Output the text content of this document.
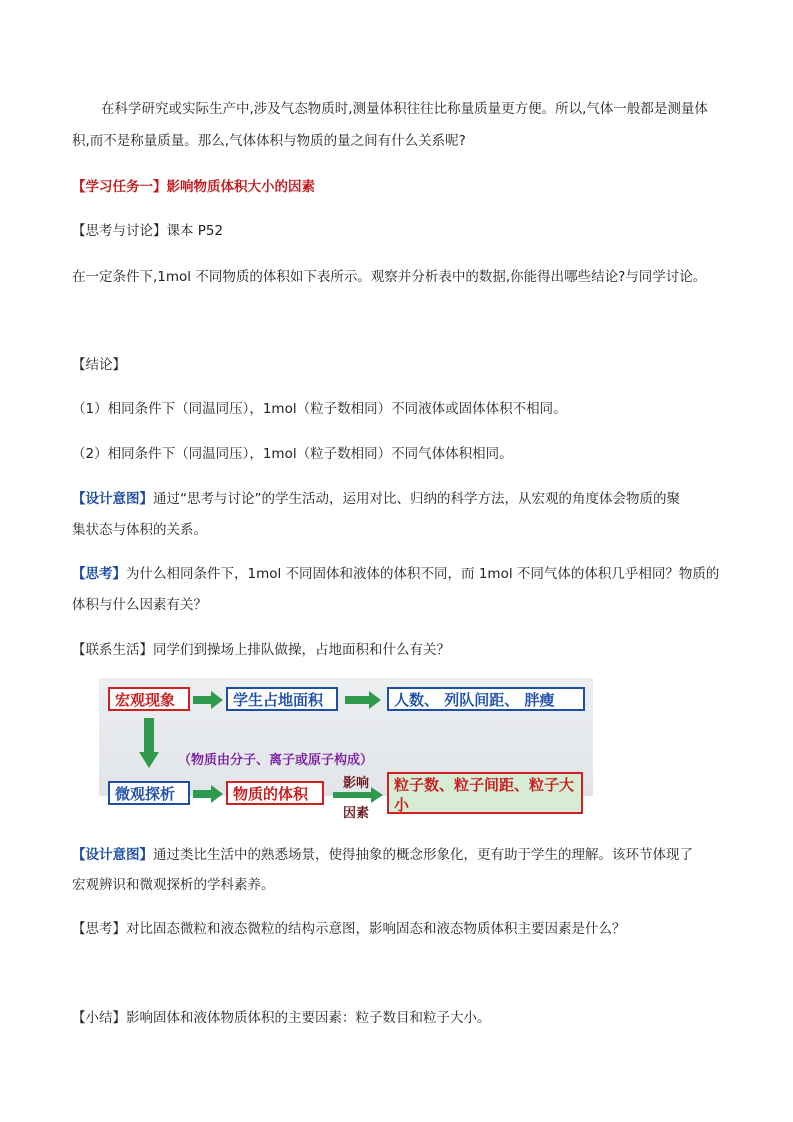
在科学研究或实际生产中,涉及气态物质时,测量体积往往比称量质量更方便。所以,气体一般都是测量体

积,而不是称量质量。那么,气体体积与物质的量之间有什么关系呢?

【学习任务一】影响物质体积大小的因素

【思考与讨论】课本 P52

在一定条件下,1mol 不同物质的体积如下表所示。观察并分析表中的数据,你能得出哪些结论?与同学讨论。

【结论】

（1）相同条件下（同温同压），1mol（粒子数相同）不同液体或固体体积不相同。

（2）相同条件下（同温同压），1mol（粒子数相同）不同气体体积相同。

【设计意图】通过“思考与讨论”的学生活动，运用对比、归纳的科学方法，从宏观的角度体会物质的聚

集状态与体积的关系。

【思考】为什么相同条件下，1mol 不同固体和液体的体积不同，而 1mol 不同气体的体积几乎相同？物质的

体积与什么因素有关？

【联系生活】同学们到操场上排队做操，占地面积和什么有关？

宏观现象	学生占地面积	人数、 列队间距、 胖瘦
（物质由分子、离子或原子构成）
微观探析	物质的体积
影响
因素
粒子数、粒子间距、粒子大小

【设计意图】通过类比生活中的熟悉场景，使得抽象的概念形象化，更有助于学生的理解。该环节体现了

宏观辨识和微观探析的学科素养。

【思考】对比固态微粒和液态微粒的结构示意图，影响固态和液态物质体积主要因素是什么？

【小结】影响固体和液体物质体积的主要因素：粒子数目和粒子大小。
